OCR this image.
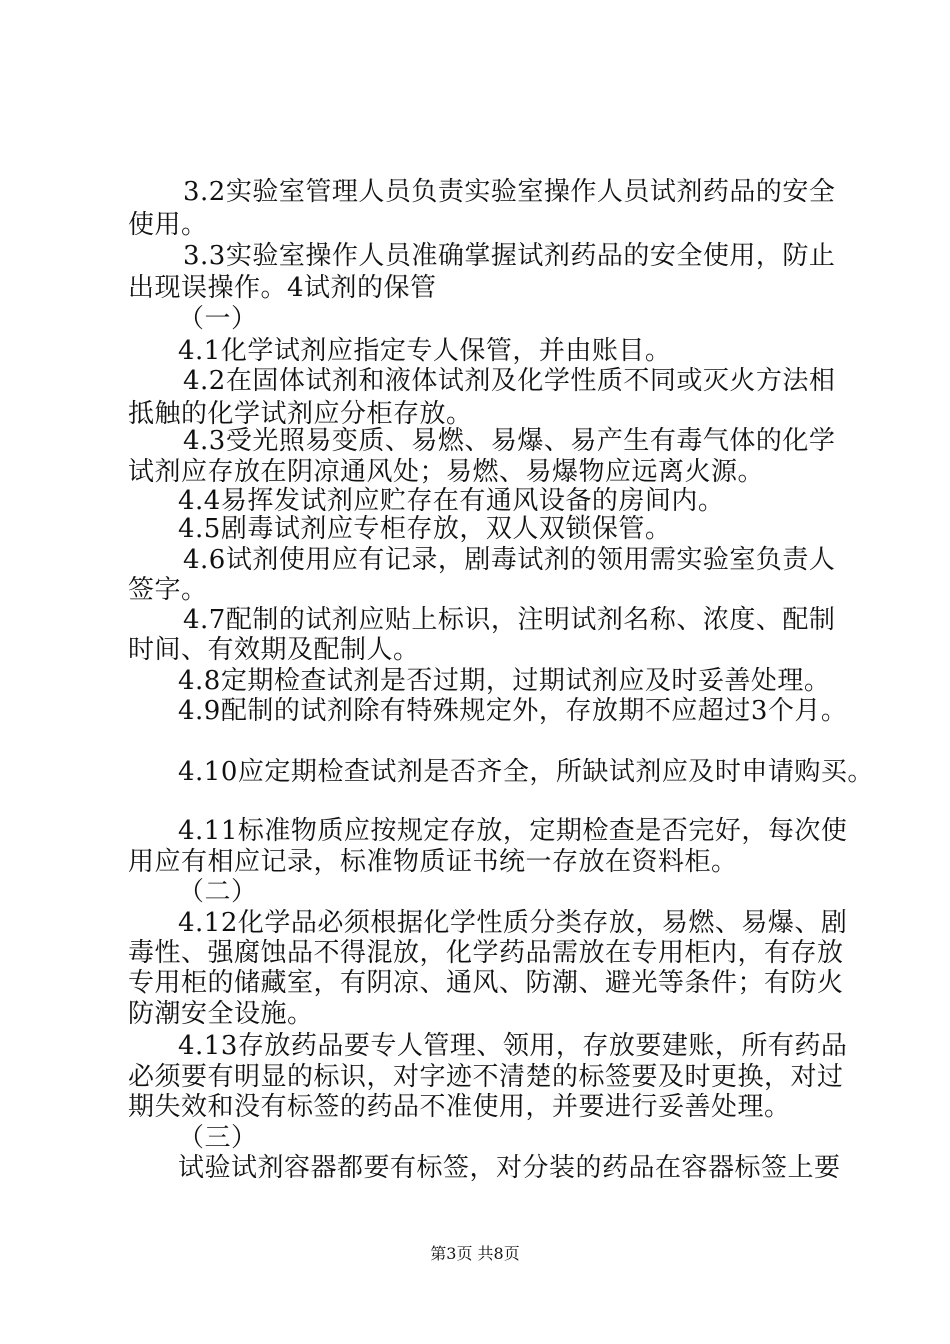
3.2实验室管理人员负责实验室操作人员试剂药品的安全
使用。
3.3实验室操作人员准确掌握试剂药品的安全使用，防止
出现误操作。4试剂的保管
（一）
4.1化学试剂应指定专人保管，并由账目。
4.2在固体试剂和液体试剂及化学性质不同或灭火方法相
抵触的化学试剂应分柜存放。
4.3受光照易变质、易燃、易爆、易产生有毒气体的化学
试剂应存放在阴凉通风处；易燃、易爆物应远离火源。
4.4易挥发试剂应贮存在有通风设备的房间内。
4.5剧毒试剂应专柜存放，双人双锁保管。
4.6试剂使用应有记录，剧毒试剂的领用需实验室负责人
签字。
4.7配制的试剂应贴上标识，注明试剂名称、浓度、配制
时间、有效期及配制人。
4.8定期检查试剂是否过期，过期试剂应及时妥善处理。
4.9配制的试剂除有特殊规定外，存放期不应超过3个月。
4.10应定期检查试剂是否齐全，所缺试剂应及时申请购买。
4.11标准物质应按规定存放，定期检查是否完好，每次使
用应有相应记录，标准物质证书统一存放在资料柜。
（二）
4.12化学品必须根据化学性质分类存放，易燃、易爆、剧
毒性、强腐蚀品不得混放，化学药品需放在专用柜内，有存放
专用柜的储藏室，有阴凉、通风、防潮、避光等条件；有防火
防潮安全设施。
4.13存放药品要专人管理、领用，存放要建账，所有药品
必须要有明显的标识，对字迹不清楚的标签要及时更换，对过
期失效和没有标签的药品不准使用，并要进行妥善处理。
（三）
试验试剂容器都要有标签，对分装的药品在容器标签上要
第3页 共8页
